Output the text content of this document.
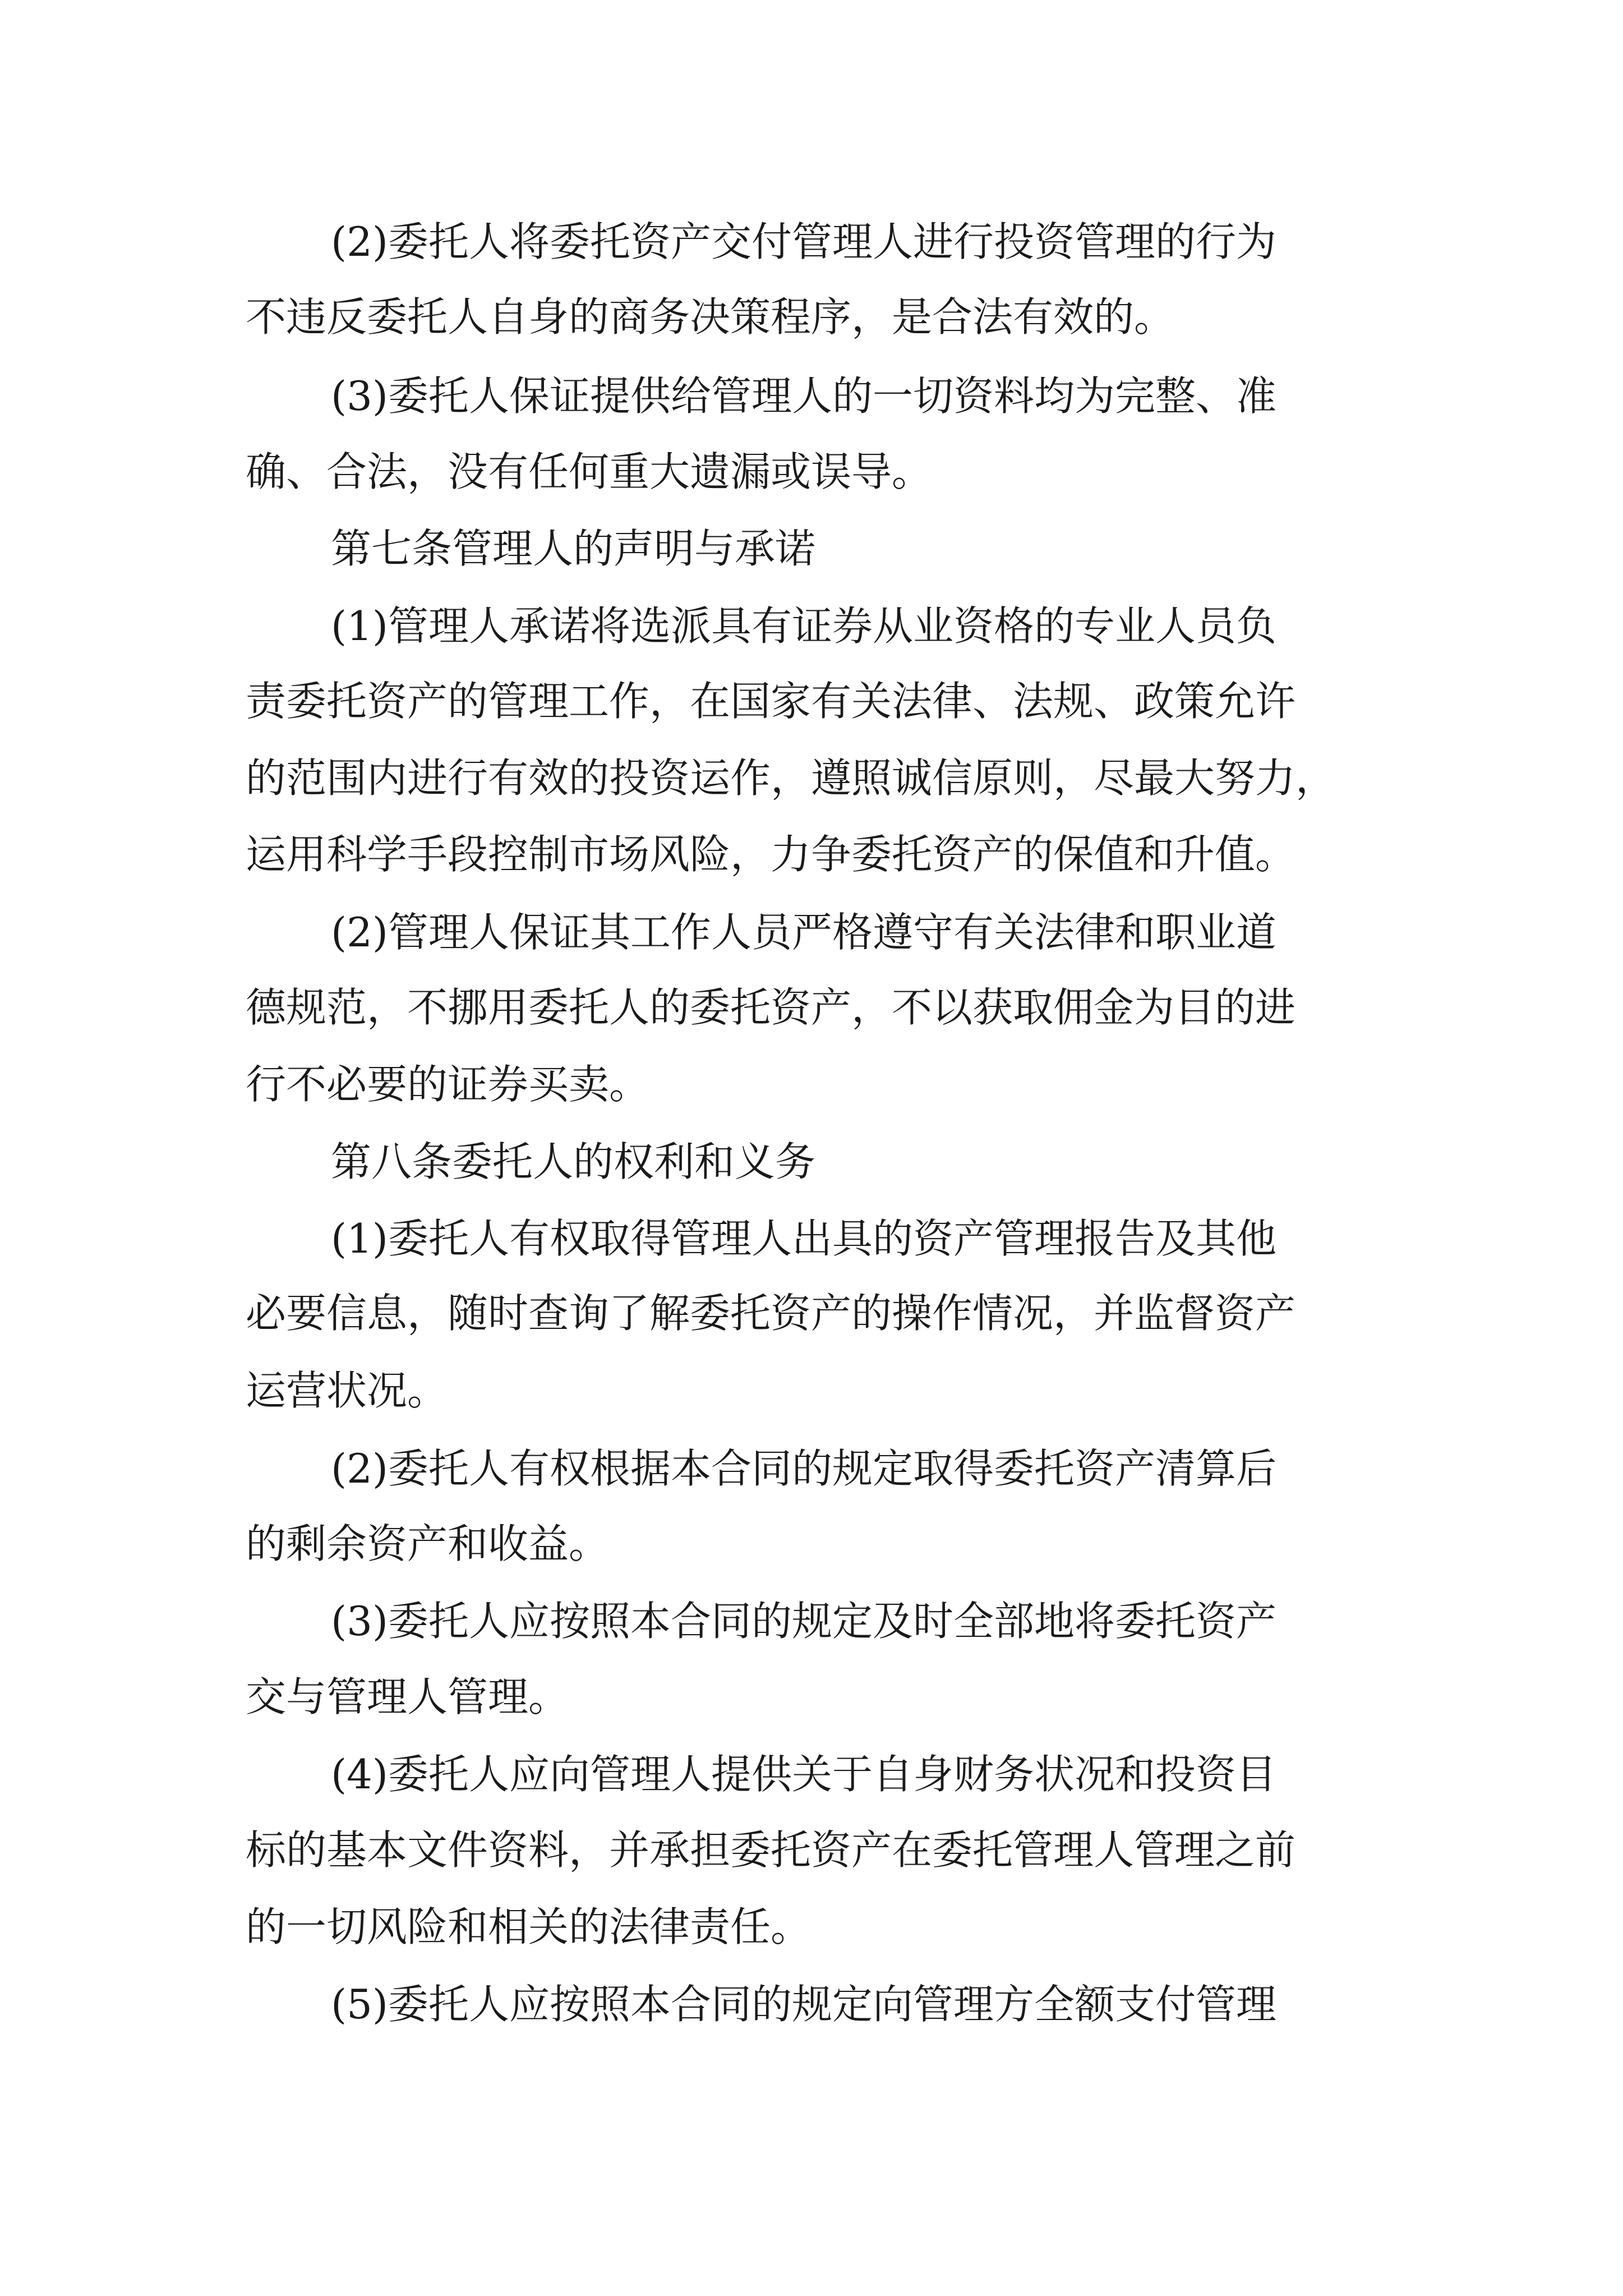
(2)委托人将委托资产交付管理人进行投资管理的行为
不违反委托人自身的商务决策程序，是合法有效的。
(3)委托人保证提供给管理人的一切资料均为完整、准
确、合法，没有任何重大遗漏或误导。
第七条管理人的声明与承诺
(1)管理人承诺将选派具有证券从业资格的专业人员负
责委托资产的管理工作，在国家有关法律、法规、政策允许
的范围内进行有效的投资运作，遵照诚信原则，尽最大努力，
运用科学手段控制市场风险，力争委托资产的保值和升值。
(2)管理人保证其工作人员严格遵守有关法律和职业道
德规范，不挪用委托人的委托资产，不以获取佣金为目的进
行不必要的证券买卖。
第八条委托人的权利和义务
(1)委托人有权取得管理人出具的资产管理报告及其他
必要信息，随时查询了解委托资产的操作情况，并监督资产
运营状况。
(2)委托人有权根据本合同的规定取得委托资产清算后
的剩余资产和收益。
(3)委托人应按照本合同的规定及时全部地将委托资产
交与管理人管理。
(4)委托人应向管理人提供关于自身财务状况和投资目
标的基本文件资料，并承担委托资产在委托管理人管理之前
的一切风险和相关的法律责任。
(5)委托人应按照本合同的规定向管理方全额支付管理
